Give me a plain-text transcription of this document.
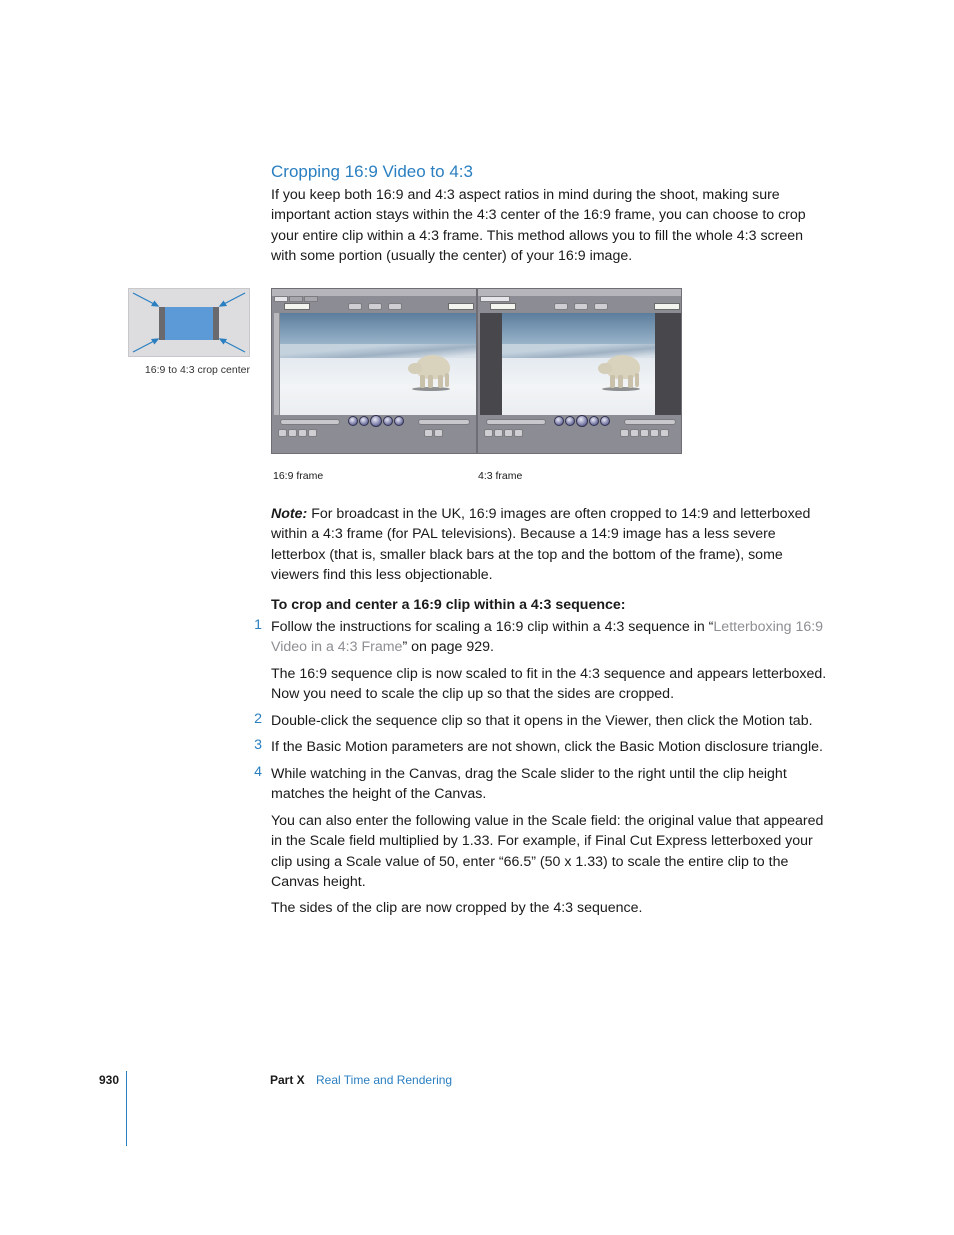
Cropping 16:9 Video to 4:3
If you keep both 16:9 and 4:3 aspect ratios in mind during the shoot, making sure important action stays within the 4:3 center of the 16:9 frame, you can choose to crop your entire clip within a 4:3 frame. This method allows you to fill the whole 4:3 screen with some portion (usually the center) of your 16:9 image.
16:9 to 4:3 crop center
16:9 frame	4:3 frame
Note: For broadcast in the UK, 16:9 images are often cropped to 14:9 and letterboxed within a 4:3 frame (for PAL televisions). Because a 14:9 image has a less severe letterbox (that is, smaller black bars at the top and the bottom of the frame), some viewers find this less objectionable.
To crop and center a 16:9 clip within a 4:3 sequence:
1 Follow the instructions for scaling a 16:9 clip within a 4:3 sequence in “Letterboxing 16:9 Video in a 4:3 Frame” on page 929.
The 16:9 sequence clip is now scaled to fit in the 4:3 sequence and appears letterboxed. Now you need to scale the clip up so that the sides are cropped.
2 Double-click the sequence clip so that it opens in the Viewer, then click the Motion tab.
3 If the Basic Motion parameters are not shown, click the Basic Motion disclosure triangle.
4 While watching in the Canvas, drag the Scale slider to the right until the clip height matches the height of the Canvas.
You can also enter the following value in the Scale field: the original value that appeared in the Scale field multiplied by 1.33. For example, if Final Cut Express letterboxed your clip using a Scale value of 50, enter “66.5” (50 x 1.33) to scale the entire clip to the Canvas height.
The sides of the clip are now cropped by the 4:3 sequence.
930	Part X Real Time and Rendering
